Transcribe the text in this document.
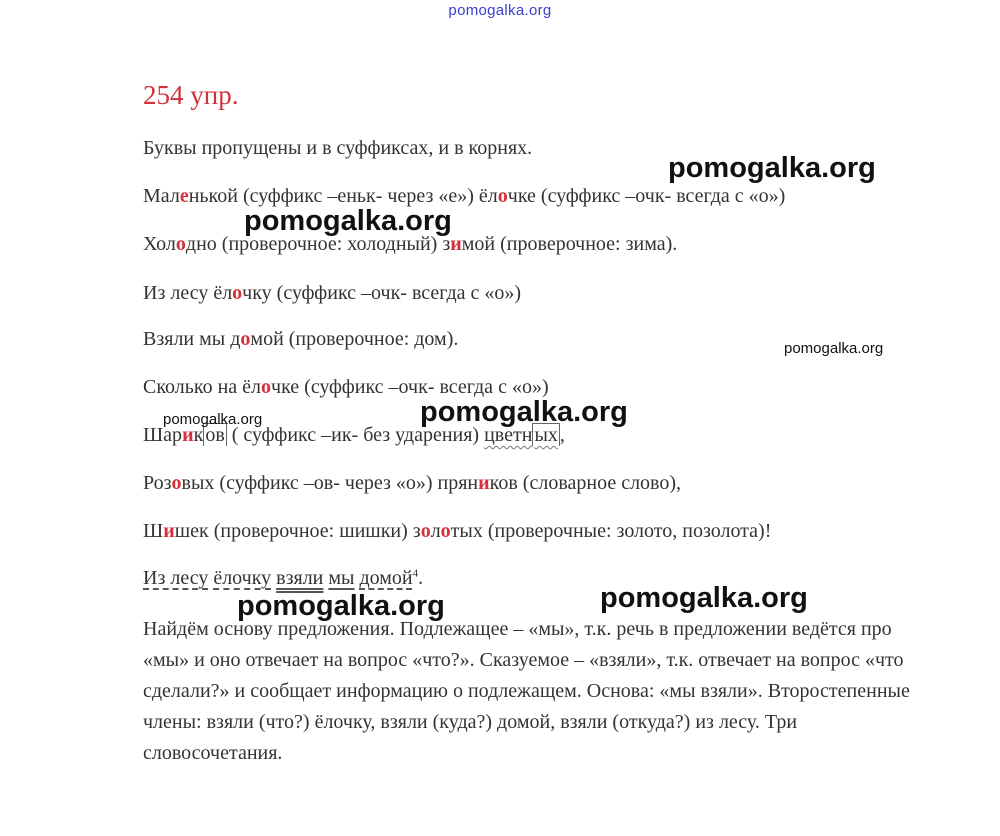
pomogalka.org
254 упр.
Буквы пропущены и в суффиксах, и в корнях.
Маленькой (суффикс –еньк- через «е») ёлочке (суффикс –очк- всегда с «о»)
Холодно (проверочное: холодный) зимой (проверочное: зима).
Из лесу ёлочку (суффикс –очк- всегда с «о»)
Взяли мы домой (проверочное: дом).
Сколько на ёлочке (суффикс –очк- всегда с «о»)
Шарик ов ( суффикс –ик- без ударения) цветн ых ,
Розовых (суффикс –ов- через «о») пряников (словарное слово),
Шишек (проверочное: шишки) золотых (проверочные: золото, позолота)!
Из лесу ёлочку взяли мы домой$^4$.
Найдём основу предложения. Подлежащее – «мы», т.к. речь в предложении ведётся про «мы» и оно отвечает на вопрос «что?». Сказуемое – «взяли», т.к. отвечает на вопрос «что сделали?» и сообщает информацию о подлежащем. Основа: «мы взяли». Второстепенные члены: взяли (что?) ёлочку, взяли (куда?) домой, взяли (откуда?) из лесу. Три словосочетания.
pomogalka.org
pomogalka.org
pomogalka.org
pomogalka.org
pomogalka.org
pomogalka.org
pomogalka.org
